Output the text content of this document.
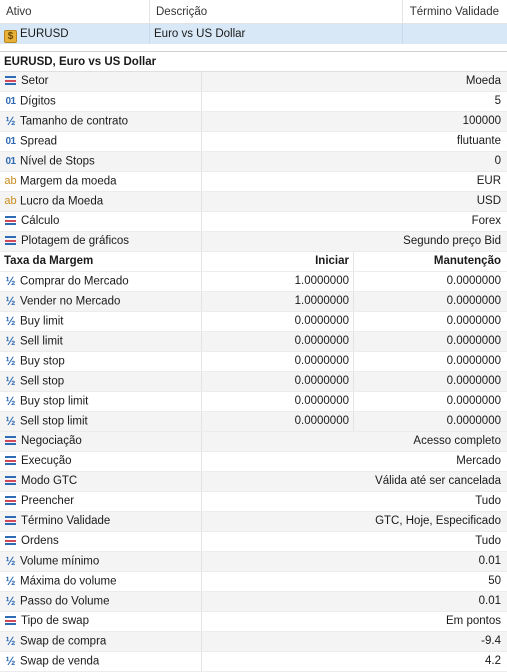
Ativo	Descrição	Término Validade
$ EURUSD	Euro vs US Dollar
EURUSD, Euro vs US Dollar
Setor	Moeda
01 Dígitos	5
½ Tamanho de contrato	100000
01 Spread	flutuante
01 Nível de Stops	0
ab Margem da moeda	EUR
ab Lucro da Moeda	USD
Cálculo	Forex
Plotagem de gráficos	Segundo preço Bid
Taxa da Margem	Iniciar	Manutenção
½ Comprar do Mercado	1.0000000	0.0000000
½ Vender no Mercado	1.0000000	0.0000000
½ Buy limit	0.0000000	0.0000000
½ Sell limit	0.0000000	0.0000000
½ Buy stop	0.0000000	0.0000000
½ Sell stop	0.0000000	0.0000000
½ Buy stop limit	0.0000000	0.0000000
½ Sell stop limit	0.0000000	0.0000000
Negociação	Acesso completo
Execução	Mercado
Modo GTC	Válida até ser cancelada
Preencher	Tudo
Término Validade	GTC, Hoje, Especificado
Ordens	Tudo
½ Volume mínimo	0.01
½ Máxima do volume	50
½ Passo do Volume	0.01
Tipo de swap	Em pontos
½ Swap de compra	-9.4
½ Swap de venda	4.2
